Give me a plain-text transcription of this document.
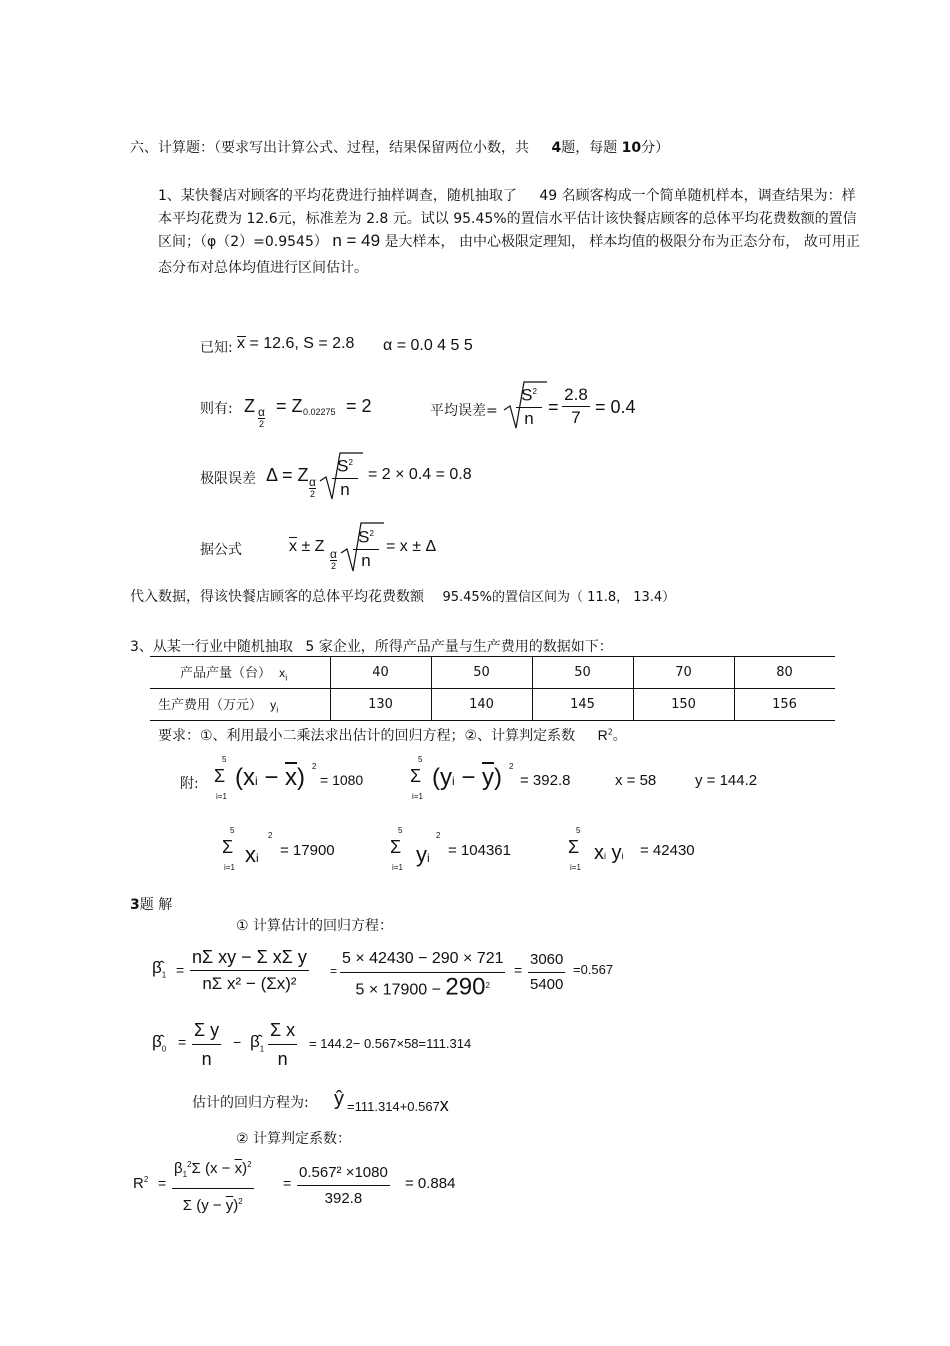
六、计算题：（要求写出计算公式、过程，结果保留两位小数，共 4题，每题 10分）
1、某快餐店对顾客的平均花费进行抽样调查，随机抽取了 49 名顾客构成一个简单随机样本，调查结果为：样
本平均花费为 12.6元，标准差为 2.8 元。试以 95.45%的置信水平估计该快餐店顾客的总体平均花费数额的置信
区间；（φ（2）=0.9545） n = 49 是大样本， 由中心极限定理知， 样本均值的极限分布为正态分布， 故可用正
态分布对总体均值进行区间估计。
已知: x = 12.6, S = 2.8 α = 0.0 4 5 5
则有: Z α
2
= Z 0.02275 = 2	平均误差= $\frac{S^2}{n} = \frac{2.8}{7} = 0.4$
极限误差 Δ = Z α
$2 \frac{S^2}{n} = 2 \times 0.4 = 0.8$
据公式	$\overline{x} \pm Z$ α
$2 \frac{S^2}{n} = x \pm \Delta$
代入数据，得该快餐店顾客的总体平均花费数额 95.45%的置信区间为（ 11.8， 13.4）
3、从某一行业中随机抽取 5 家企业，所得产品产量与生产费用的数据如下：
产品产量（台） $x_i$	40	50	50	70	80
生产费用（万元） $y_i$	130	140	145	150	156
要求：①、利用最小二乘法求出估计的回归方程；②、计算判定系数 $R^2$。
附:
5
Σ
i=1
$(xi - \overline{x})$ 2
= 1080
5
Σ
i=1
$(yi - \overline{y})$ 2
= 392.8	x = 58	y = 144.2
5
Σ
i=1
xi
2
= 17900
5
Σ
i=1
yi
2
= 104361
5
Σ
i=1
xi yi = 42430
3题 解
① 计算估计的回归方程：
$\betâ_1 = \frac{\text{nΣ xy − Σ xΣ y}}{\text{nΣ x² − (Σx)²}} = \frac{5 \times 42430 - 290 \times 721}{5 \times 17900 - 290^2} = \frac{3060}{5400} =0.567$
$\betâ_0 = \frac{\text{Σ y}}{n}$ − $\betâ_1 \frac{\text{Σ x}}{n} = 144.2- 0.567\times 58=111.314$
估计的回归方程为: ŷ =111.314+0.567x
② 计算判定系数：
$R^2 = \frac{\beta_1^2\Sigma (x - \overline{x})^2}{\Sigma (y - \overline{y})^2} = \frac{\text{0.567² ×1080}}{392.8} = 0.884$
